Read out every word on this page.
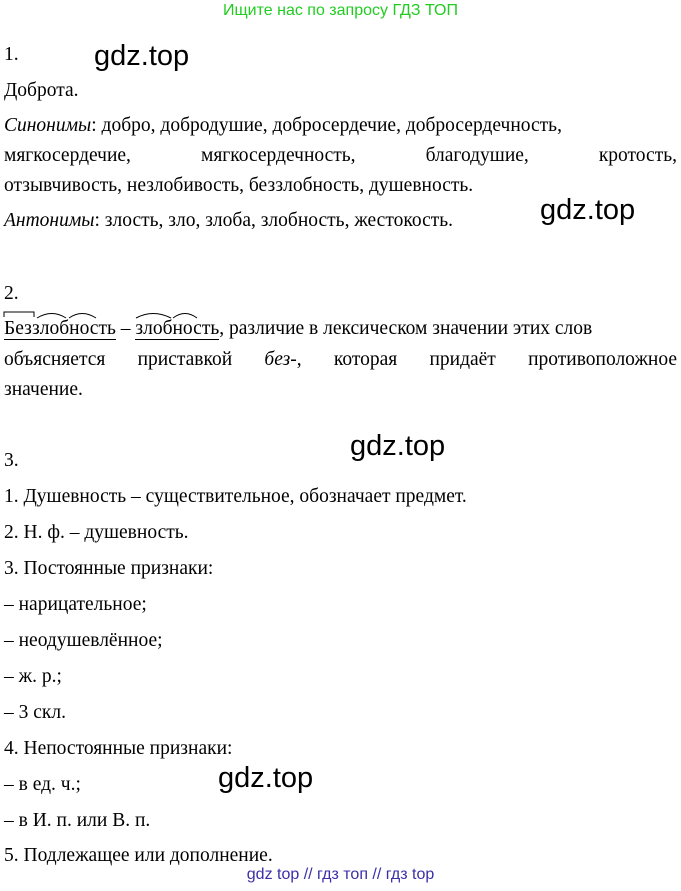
Ищите нас по запросу ГДЗ ТОП
gdz.top
gdz.top
gdz.top
gdz.top
1.
Доброта.
Синонимы: добро, добродушие, добросердечие, добросердечность,
мягкосердечие, мягкосердечность, благодушие, кротость,
отзывчивость, незлобивость, беззлобность, душевность.
Антонимы: злость, зло, злоба, злобность, жестокость.
2.
Беззлобность –
злобность, различие в лексическом значении этих слов
объясняется приставкой без-, которая придаёт противоположное
значение.
3.
1. Душевность – существительное, обозначает предмет.
2. Н. ф. – душевность.
3. Постоянные признаки:
– нарицательное;
– неодушевлённое;
– ж. р.;
– 3 скл.
4. Непостоянные признаки:
– в ед. ч.;
– в И. п. или В. п.
5. Подлежащее или дополнение.
gdz top // гдз топ // гдз top
